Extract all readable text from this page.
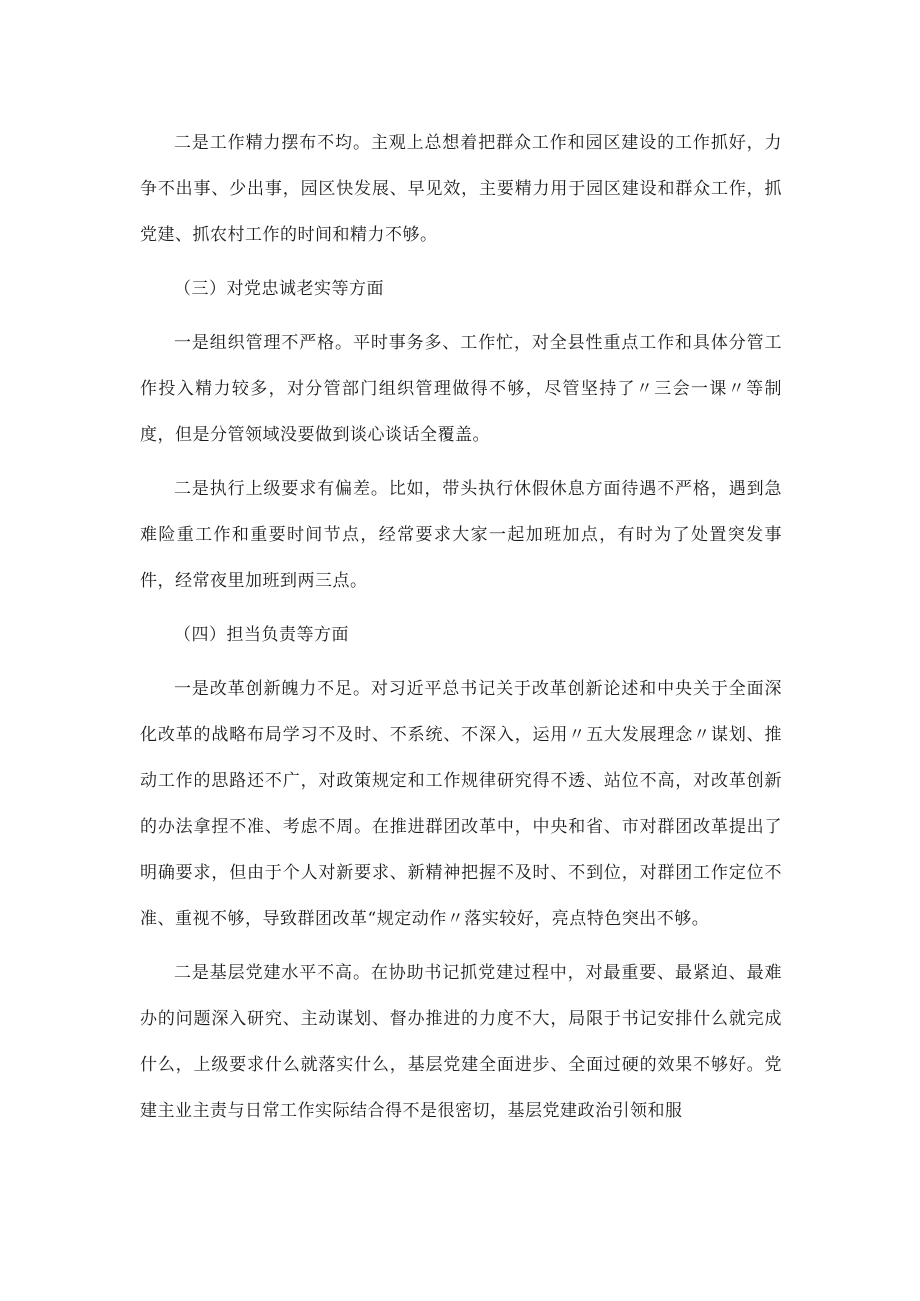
二是工作精力摆布不均。主观上总想着把群众工作和园区建设的工作抓好，力争不出事、少出事，园区快发展、早见效，主要精力用于园区建设和群众工作，抓党建、抓农村工作的时间和精力不够。

（三）对党忠诚老实等方面

一是组织管理不严格。平时事务多、工作忙，对全县性重点工作和具体分管工作投入精力较多，对分管部门组织管理做得不够，尽管坚持了〃三会一课〃等制度，但是分管领域没要做到谈心谈话全覆盖。

二是执行上级要求有偏差。比如，带头执行休假休息方面待遇不严格，遇到急难险重工作和重要时间节点，经常要求大家一起加班加点，有时为了处置突发事件，经常夜里加班到两三点。

（四）担当负责等方面

一是改革创新魄力不足。对习近平总书记关于改革创新论述和中央关于全面深化改革的战略布局学习不及时、不系统、不深入，运用〃五大发展理念〃谋划、推动工作的思路还不广，对政策规定和工作规律研究得不透、站位不高，对改革创新的办法拿捏不准、考虑不周。在推进群团改革中，中央和省、市对群团改革提出了明确要求，但由于个人对新要求、新精神把握不及时、不到位，对群团工作定位不准、重视不够，导致群团改革“规定动作〃落实较好，亮点特色突出不够。

二是基层党建水平不高。在协助书记抓党建过程中，对最重要、最紧迫、最难办的问题深入研究、主动谋划、督办推进的力度不大，局限于书记安排什么就完成什么，上级要求什么就落实什么，基层党建全面进步、全面过硬的效果不够好。党建主业主责与日常工作实际结合得不是很密切，基层党建政治引领和服
